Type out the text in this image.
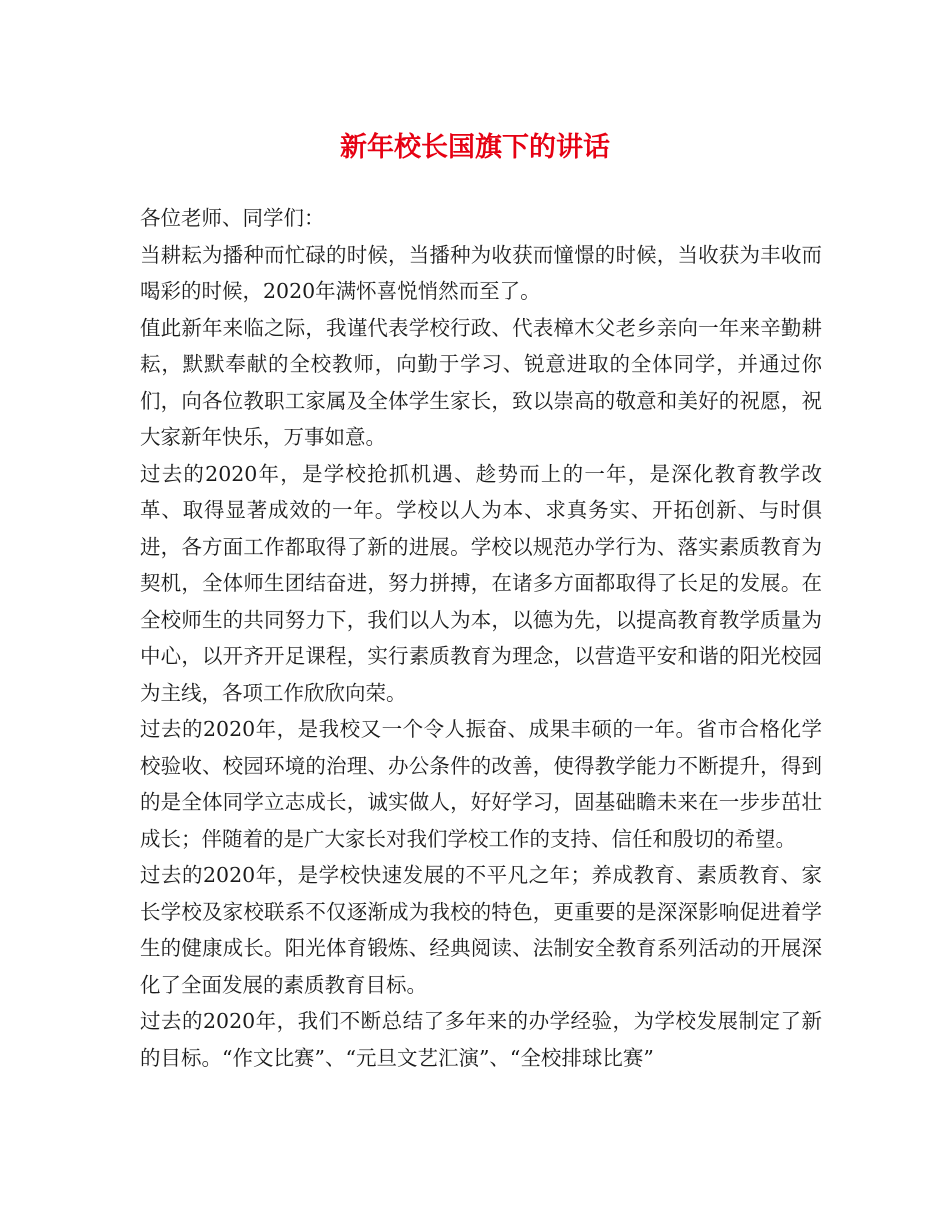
新年校长国旗下的讲话

各位老师、同学们：

当耕耘为播种而忙碌的时候，当播种为收获而憧憬的时候，当收获为丰收而喝彩的时候，2020年满怀喜悦悄然而至了。

值此新年来临之际，我谨代表学校行政、代表樟木父老乡亲向一年来辛勤耕耘，默默奉献的全校教师，向勤于学习、锐意进取的全体同学，并通过你们，向各位教职工家属及全体学生家长，致以崇高的敬意和美好的祝愿，祝大家新年快乐，万事如意。

过去的2020年，是学校抢抓机遇、趁势而上的一年，是深化教育教学改革、取得显著成效的一年。学校以人为本、求真务实、开拓创新、与时俱进，各方面工作都取得了新的进展。学校以规范办学行为、落实素质教育为契机，全体师生团结奋进，努力拼搏，在诸多方面都取得了长足的发展。在全校师生的共同努力下，我们以人为本，以德为先，以提高教育教学质量为中心，以开齐开足课程，实行素质教育为理念，以营造平安和谐的阳光校园为主线，各项工作欣欣向荣。

过去的2020年，是我校又一个令人振奋、成果丰硕的一年。省市合格化学校验收、校园环境的治理、办公条件的改善，使得教学能力不断提升，得到的是全体同学立志成长，诚实做人，好好学习，固基础瞻未来在一步步茁壮成长；伴随着的是广大家长对我们学校工作的支持、信任和殷切的希望。

过去的2020年，是学校快速发展的不平凡之年；养成教育、素质教育、家长学校及家校联系不仅逐渐成为我校的特色，更重要的是深深影响促进着学生的健康成长。阳光体育锻炼、经典阅读、法制安全教育系列活动的开展深化了全面发展的素质教育目标。

过去的2020年，我们不断总结了多年来的办学经验，为学校发展制定了新的目标。“作文比赛”、“元旦文艺汇演”、“全校排球比赛”
